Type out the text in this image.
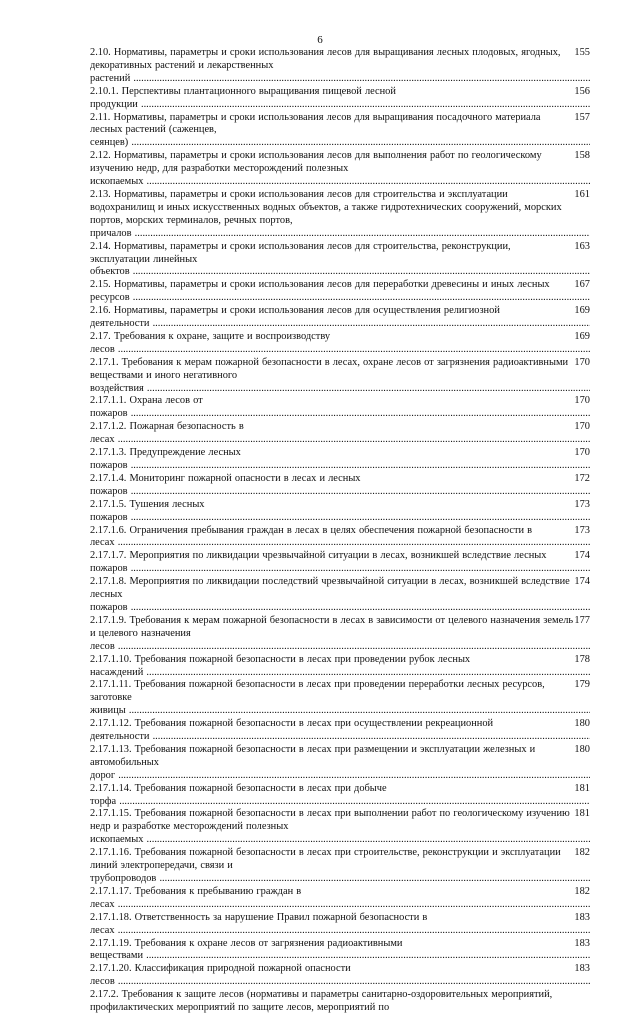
6
155
2.10. Нормативы, параметры и сроки использования лесов для выращивания лесных плодовых, ягодных, декоративных растений и лекарственных растений .....
156
2.10.1. Перспективы плантационного выращивания пищевой лесной продукции .....
157
2.11. Нормативы, параметры и сроки использования лесов для выращивания посадочного материала лесных растений (саженцев, сеянцев) .....
158
2.12. Нормативы, параметры и сроки использования лесов для выполнения работ по геологическому изучению недр, для разработки месторождений полезных ископаемых .....
161
2.13. Нормативы, параметры и сроки использования лесов для строительства и эксплуатации водохранилищ и иных искусственных водных объектов, а также гидротехнических сооружений, морских портов, морских терминалов, речных портов, причалов .....
163
2.14. Нормативы, параметры и сроки использования лесов для строительства, реконструкции, эксплуатации линейных объектов .....
167
2.15. Нормативы, параметры и сроки использования лесов для переработки древесины и иных лесных ресурсов .....
169
2.16. Нормативы, параметры и сроки использования лесов для осуществления религиозной деятельности .....
169
2.17. Требования к охране, защите и воспроизводству лесов .....
170
2.17.1. Требования к мерам пожарной безопасности в лесах, охране лесов от загрязнения радиоактивными веществами и иного негативного воздействия .....
170
2.17.1.1. Охрана лесов от пожаров .....
170
2.17.1.2. Пожарная безопасность в лесах .....
170
2.17.1.3. Предупреждение лесных пожаров .....
172
2.17.1.4. Мониторинг пожарной опасности в лесах и лесных пожаров .....
173
2.17.1.5. Тушения лесных пожаров .....
173
2.17.1.6. Ограничения пребывания граждан в лесах в целях обеспечения пожарной безопасности в лесах .....
174
2.17.1.7. Мероприятия по ликвидации чрезвычайной ситуации в лесах, возникшей вследствие лесных пожаров .....
174
2.17.1.8. Мероприятия по ликвидации последствий чрезвычайной ситуации в лесах, возникшей вследствие лесных пожаров .....
177
2.17.1.9. Требования к мерам пожарной безопасности в лесах в зависимости от целевого назначения земель и целевого назначения лесов .....
178
2.17.1.10. Требования пожарной безопасности в лесах при проведении рубок лесных насаждений .....
179
2.17.1.11. Требования пожарной безопасности в лесах при проведении переработки лесных ресурсов, заготовке живицы .....
180
2.17.1.12. Требования пожарной безопасности в лесах при осуществлении рекреационной деятельности .....
180
2.17.1.13. Требования пожарной безопасности в лесах при размещении и эксплуатации железных и автомобильных дорог .....
181
2.17.1.14. Требования пожарной безопасности в лесах при добыче торфа .....
181
2.17.1.15. Требования пожарной безопасности в лесах при выполнении работ по геологическому изучению недр и разработке месторождений полезных ископаемых .....
182
2.17.1.16. Требования пожарной безопасности в лесах при строительстве, реконструкции и эксплуатации линий электропередачи, связи и трубопроводов .....
182
2.17.1.17. Требования к пребыванию граждан в лесах .....
183
2.17.1.18. Ответственность за нарушение Правил пожарной безопасности в лесах .....
183
2.17.1.19. Требования к охране лесов от загрязнения радиоактивными веществами .....
183
2.17.1.20. Классификация природной пожарной опасности лесов .....
2.17.2. Требования к защите лесов (нормативы и параметры санитарно-оздоровительных мероприятий, профилактических мероприятий по защите лесов, мероприятий по
